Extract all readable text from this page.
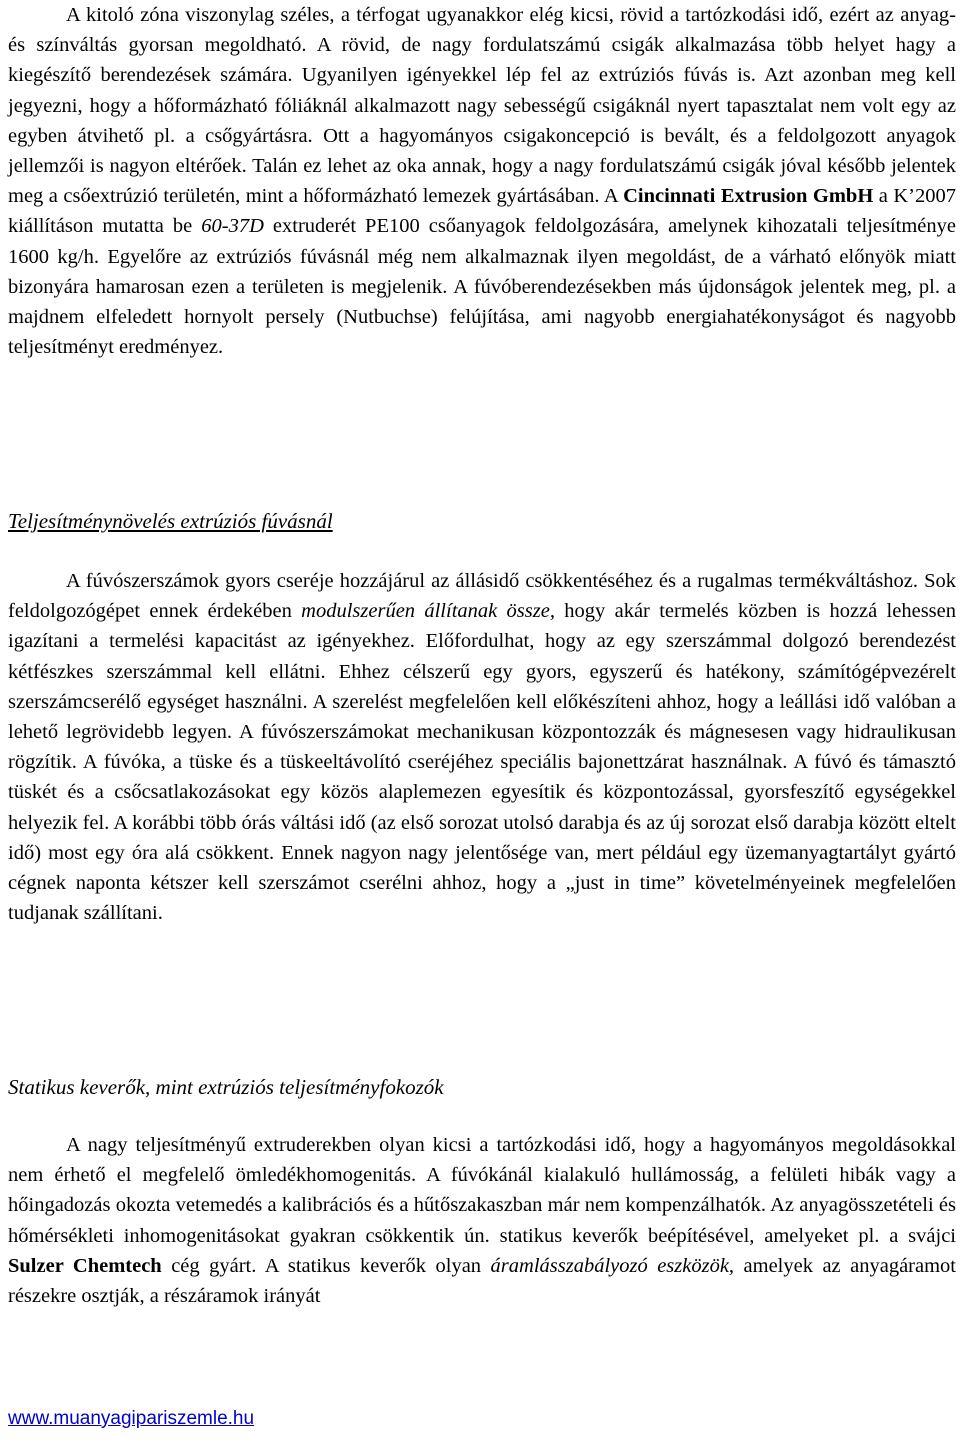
A kitoló zóna viszonylag széles, a térfogat ugyanakkor elég kicsi, rövid a tartózkodási idő, ezért az anyag- és színváltás gyorsan megoldható. A rövid, de nagy fordulatszámú csigák alkalmazása több helyet hagy a kiegészítő berendezések számára. Ugyanilyen igényekkel lép fel az extrúziós fúvás is. Azt azonban meg kell jegyezni, hogy a hőformázható fóliáknál alkalmazott nagy sebességű csigáknál nyert tapasztalat nem volt egy az egyben átvihető pl. a csőgyártásra. Ott a hagyományos csigakoncepció is bevált, és a feldolgozott anyagok jellemzői is nagyon eltérőek. Talán ez lehet az oka annak, hogy a nagy fordulatszámú csigák jóval később jelentek meg a csőextrúzió területén, mint a hőformázható lemezek gyártásában. A Cincinnati Extrusion GmbH a K’2007 kiállításon mutatta be 60-37D extruderét PE100 csőanyagok feldolgozására, amelynek kihozatali teljesítménye 1600 kg/h. Egyelőre az extrúziós fúvásnál még nem alkalmaznak ilyen megoldást, de a várható előnyök miatt bizonyára hamarosan ezen a területen is megjelenik. A fúvóberendezésekben más újdonságok jelentek meg, pl. a majdnem elfeledett hornyolt persely (Nutbuchse) felújítása, ami nagyobb energiahatékonyságot és nagyobb teljesítményt eredményez.

Teljesítménynövelés extrúziós fúvásnál

A fúvószerszámok gyors cseréje hozzájárul az állásidő csökkentéséhez és a rugalmas termékváltáshoz. Sok feldolgozógépet ennek érdekében modulszerűen állítanak össze, hogy akár termelés közben is hozzá lehessen igazítani a termelési kapacitást az igényekhez. Előfordulhat, hogy az egy szerszámmal dolgozó berendezést kétfészkes szerszámmal kell ellátni. Ehhez célszerű egy gyors, egyszerű és hatékony, számítógépvezérelt szerszámcserélő egységet használni. A szerelést megfelelően kell előkészíteni ahhoz, hogy a leállási idő valóban a lehető legrövidebb legyen. A fúvószerszámokat mechanikusan központozzák és mágnesesen vagy hidraulikusan rögzítik. A fúvóka, a tüske és a tüskeeltávolító cseréjéhez speciális bajonettzárat használnak. A fúvó és támasztó tüskét és a csőcsatlakozásokat egy közös alaplemezen egyesítik és központozással, gyorsfeszítő egységekkel helyezik fel. A korábbi több órás váltási idő (az első sorozat utolsó darabja és az új sorozat első darabja között eltelt idő) most egy óra alá csökkent. Ennek nagyon nagy jelentősége van, mert például egy üzemanyagtartályt gyártó cégnek naponta kétszer kell szerszámot cserélni ahhoz, hogy a „just in time” követelményeinek megfelelően tudjanak szállítani.

Statikus keverők, mint extrúziós teljesítményfokozók

A nagy teljesítményű extruderekben olyan kicsi a tartózkodási idő, hogy a hagyományos megoldásokkal nem érhető el megfelelő ömledékhomogenitás. A fúvókánál kialakuló hullámosság, a felületi hibák vagy a hőingadozás okozta vetemedés a kalibrációs és a hűtőszakaszban már nem kompenzálhatók. Az anyagösszetételi és hőmérsékleti inhomogenitásokat gyakran csökkentik ún. statikus keverők beépítésével, amelyeket pl. a svájci Sulzer Chemtech cég gyárt. A statikus keverők olyan áramlásszabályozó eszközök, amelyek az anyagáramot részekre osztják, a részáramok irányát

www.muanyagipariszemle.hu
